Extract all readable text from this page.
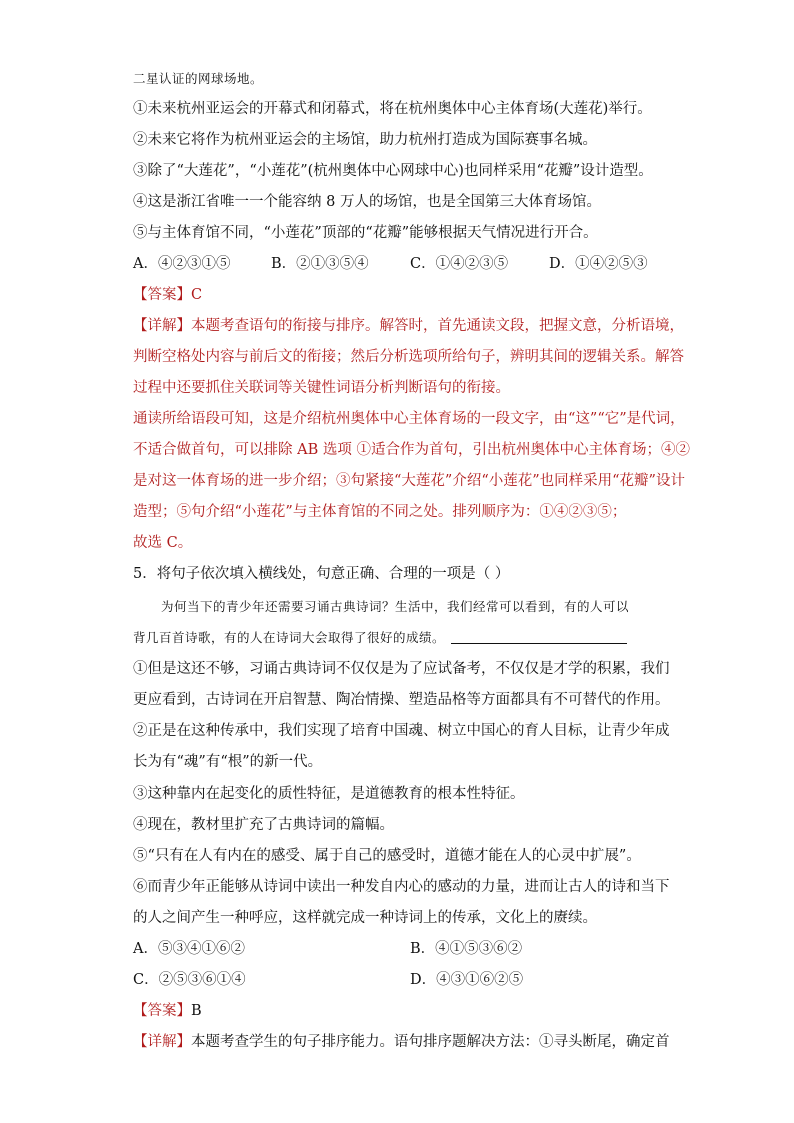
二星认证的网球场地。
①未来杭州亚运会的开幕式和闭幕式，将在杭州奥体中心主体育场(大莲花)举行。
②未来它将作为杭州亚运会的主场馆，助力杭州打造成为国际赛事名城。
③除了“大莲花”，“小莲花”(杭州奥体中心网球中心)也同样采用“花瓣”设计造型。
④这是浙江省唯一一个能容纳 8 万人的场馆，也是全国第三大体育场馆。
⑤与主体育馆不同，“小莲花”顶部的“花瓣”能够根据天气情况进行开合。
A．④②③①⑤	B．②①③⑤④	C．①④②③⑤	D．①④②⑤③
【答案】C
【详解】本题考查语句的衔接与排序。解答时，首先通读文段，把握文意，分析语境，
判断空格处内容与前后文的衔接；然后分析选项所给句子，辨明其间的逻辑关系。解答
过程中还要抓住关联词等关键性词语分析判断语句的衔接。
通读所给语段可知，这是介绍杭州奥体中心主体育场的一段文字，由“这”“它”是代词，
不适合做首句，可以排除 AB 选项 ①适合作为首句，引出杭州奥体中心主体育场；④②
是对这一体育场的进一步介绍；③句紧接“大莲花”介绍“小莲花”也同样采用“花瓣”设计
造型；⑤句介绍“小莲花”与主体育馆的不同之处。排列顺序为：①④②③⑤；
故选 C。
5．将句子依次填入横线处，句意正确、合理的一项是（ ）
为何当下的青少年还需要习诵古典诗词？生活中，我们经常可以看到，有的人可以
背几百首诗歌，有的人在诗词大会取得了很好的成绩。
①但是这还不够，习诵古典诗词不仅仅是为了应试备考，不仅仅是才学的积累，我们
更应看到，古诗词在开启智慧、陶冶情操、塑造品格等方面都具有不可替代的作用。
②正是在这种传承中，我们实现了培育中国魂、树立中国心的育人目标，让青少年成
长为有“魂”有“根”的新一代。
③这种靠内在起变化的质性特征，是道德教育的根本性特征。
④现在，教材里扩充了古典诗词的篇幅。
⑤“只有在人有内在的感受、属于自己的感受时，道德才能在人的心灵中扩展”。
⑥而青少年正能够从诗词中读出一种发自内心的感动的力量，进而让古人的诗和当下
的人之间产生一种呼应，这样就完成一种诗词上的传承，文化上的赓续。
A．⑤③④①⑥②	B．④①⑤③⑥②
C．②⑤③⑥①④	D．④③①⑥②⑤
【答案】B
【详解】本题考查学生的句子排序能力。语句排序题解决方法：①寻头断尾，确定首
